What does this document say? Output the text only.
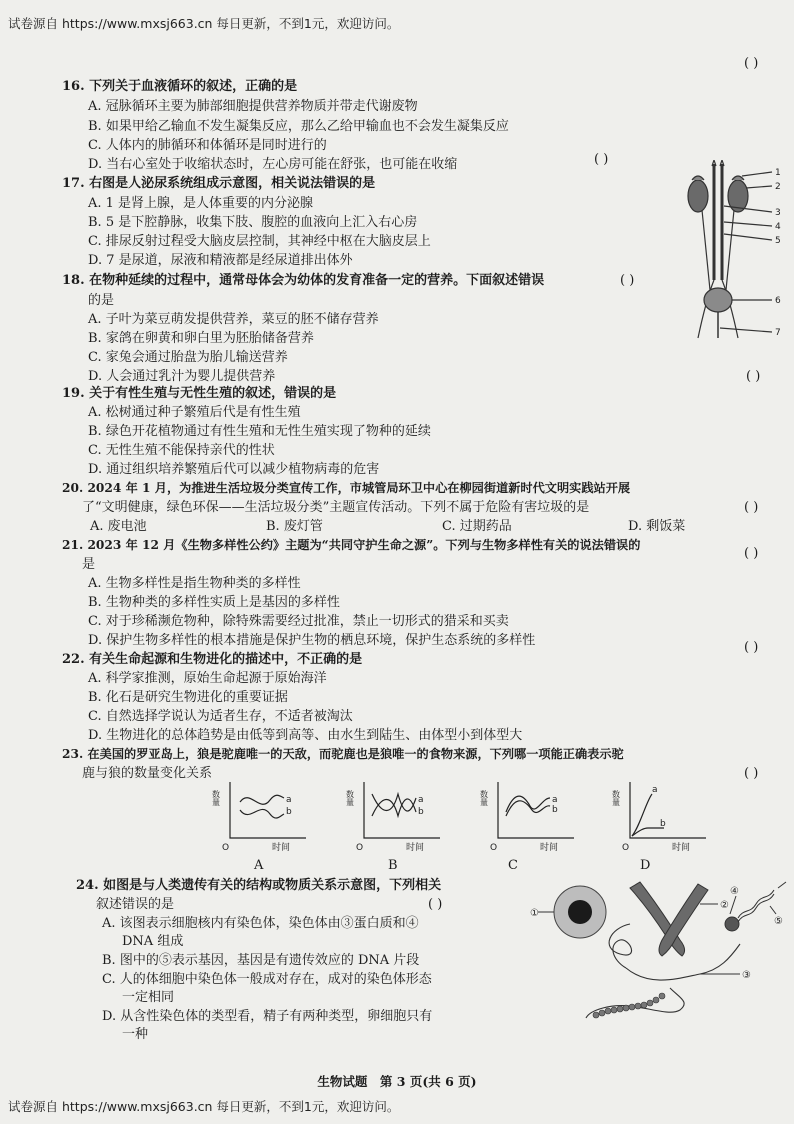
试卷源自 https://www.mxsj663.cn 每日更新，不到1元，欢迎访问。
( )
16. 下列关于血液循环的叙述，正确的是
A. 冠脉循环主要为肺部细胞提供营养物质并带走代谢废物
B. 如果甲给乙输血不发生凝集反应，那么乙给甲输血也不会发生凝集反应
C. 人体内的肺循环和体循环是同时进行的
D. 当右心室处于收缩状态时，左心房可能在舒张，也可能在收缩	( )
17. 右图是人泌尿系统组成示意图，相关说法错误的是
A. 1 是肾上腺，是人体重要的内分泌腺
B. 5 是下腔静脉，收集下肢、腹腔的血液向上汇入右心房
C. 排尿反射过程受大脑皮层控制，其神经中枢在大脑皮层上
D. 7 是尿道，尿液和精液都是经尿道排出体外
1
2
3
4
5
6
7
18. 在物种延续的过程中，通常母体会为幼体的发育准备一定的营养。下面叙述错误	( )
的是
A. 子叶为菜豆萌发提供营养，菜豆的胚不储存营养
B. 家鸽在卵黄和卵白里为胚胎储备营养
C. 家兔会通过胎盘为胎儿输送营养
D. 人会通过乳汁为婴儿提供营养	( )
19. 关于有性生殖与无性生殖的叙述，错误的是
A. 松树通过种子繁殖后代是有性生殖
B. 绿色开花植物通过有性生殖和无性生殖实现了物种的延续
C. 无性生殖不能保持亲代的性状
D. 通过组织培养繁殖后代可以减少植物病毒的危害
20. 2024 年 1 月，为推进生活垃圾分类宣传工作，市城管局环卫中心在柳园街道新时代文明实践站开展
了“文明健康，绿色环保——生活垃圾分类”主题宣传活动。下列不属于危险有害垃圾的是	( )
A. 废电池	B. 废灯管	C. 过期药品	D. 剩饭菜
21. 2023 年 12 月《生物多样性公约》主题为“共同守护生命之源”。下列与生物多样性有关的说法错误的
是
( )
A. 生物多样性是指生物种类的多样性
B. 生物种类的多样性实质上是基因的多样性
C. 对于珍稀濒危物种，除特殊需要经过批准，禁止一切形式的猎采和买卖
D. 保护生物多样性的根本措施是保护生物的栖息环境，保护生态系统的多样性	( )
22. 有关生命起源和生物进化的描述中，不正确的是
A. 科学家推测，原始生命起源于原始海洋
B. 化石是研究生物进化的重要证据
C. 自然选择学说认为适者生存，不适者被淘汰
D. 生物进化的总体趋势是由低等到高等、由水生到陆生、由体型小到体型大
23. 在美国的罗亚岛上，狼是驼鹿唯一的天敌，而驼鹿也是狼唯一的食物来源，下列哪一项能正确表示驼
鹿与狼的数量变化关系	( )
数量
O	时间
a
b
数量
O	时间
a
b
数量
O	时间
a
b
数量
O	时间
a
b
A	B	C	D
24. 如图是与人类遗传有关的结构或物质关系示意图，下列相关
叙述错误的是	( )
A. 该图表示细胞核内有染色体，染色体由③蛋白质和④
DNA 组成
B. 图中的⑤表示基因，基因是有遗传效应的 DNA 片段
C. 人的体细胞中染色体一般成对存在，成对的染色体形态
一定相同
D. 从含性染色体的类型看，精子有两种类型，卵细胞只有
一种
①
②
③
④
⑤
生物试题　第 3 页(共 6 页)
试卷源自 https://www.mxsj663.cn 每日更新，不到1元，欢迎访问。
